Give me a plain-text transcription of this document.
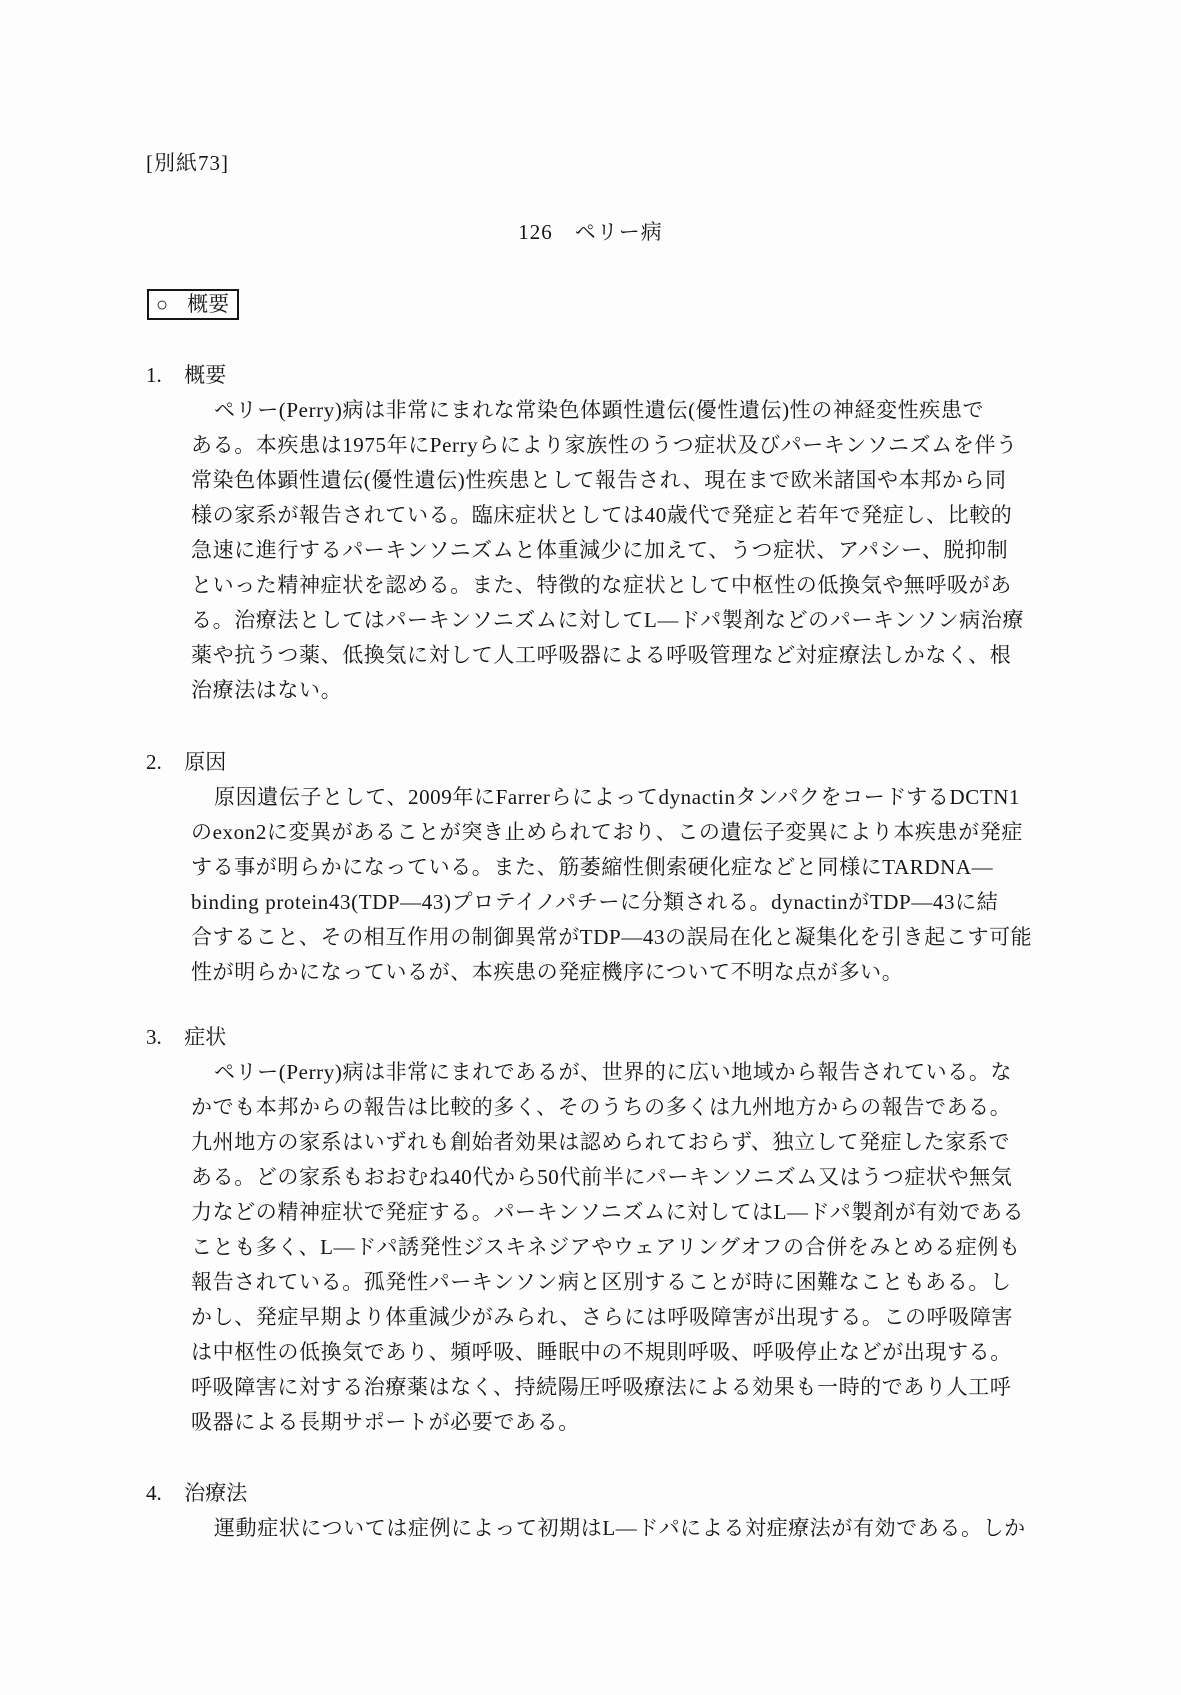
[別紙73]
126　ペリー病
○ 概要
1. 概要
ペリー(Perry)病は非常にまれな常染色体顕性遺伝(優性遺伝)性の神経変性疾患で
ある。本疾患は1975年にPerryらにより家族性のうつ症状及びパーキンソニズムを伴う
常染色体顕性遺伝(優性遺伝)性疾患として報告され、現在まで欧米諸国や本邦から同
様の家系が報告されている。臨床症状としては40歳代で発症と若年で発症し、比較的
急速に進行するパーキンソニズムと体重減少に加えて、うつ症状、アパシー、脱抑制
といった精神症状を認める。また、特徴的な症状として中枢性の低換気や無呼吸があ
る。治療法としてはパーキンソニズムに対してL―ドパ製剤などのパーキンソン病治療
薬や抗うつ薬、低換気に対して人工呼吸器による呼吸管理など対症療法しかなく、根
治療法はない。
2. 原因
原因遺伝子として、2009年にFarrerらによってdynactinタンパクをコードするDCTN1
のexon2に変異があることが突き止められており、この遺伝子変異により本疾患が発症
する事が明らかになっている。また、筋萎縮性側索硬化症などと同様にTARDNA―
binding protein43(TDP―43)プロテイノパチーに分類される。dynactinがTDP―43に結
合すること、その相互作用の制御異常がTDP―43の誤局在化と凝集化を引き起こす可能
性が明らかになっているが、本疾患の発症機序について不明な点が多い。
3. 症状
ペリー(Perry)病は非常にまれであるが、世界的に広い地域から報告されている。な
かでも本邦からの報告は比較的多く、そのうちの多くは九州地方からの報告である。
九州地方の家系はいずれも創始者効果は認められておらず、独立して発症した家系で
ある。どの家系もおおむね40代から50代前半にパーキンソニズム又はうつ症状や無気
力などの精神症状で発症する。パーキンソニズムに対してはL―ドパ製剤が有効である
ことも多く、L―ドパ誘発性ジスキネジアやウェアリングオフの合併をみとめる症例も
報告されている。孤発性パーキンソン病と区別することが時に困難なこともある。し
かし、発症早期より体重減少がみられ、さらには呼吸障害が出現する。この呼吸障害
は中枢性の低換気であり、頻呼吸、睡眠中の不規則呼吸、呼吸停止などが出現する。
呼吸障害に対する治療薬はなく、持続陽圧呼吸療法による効果も一時的であり人工呼
吸器による長期サポートが必要である。
4. 治療法
運動症状については症例によって初期はL―ドパによる対症療法が有効である。しか
